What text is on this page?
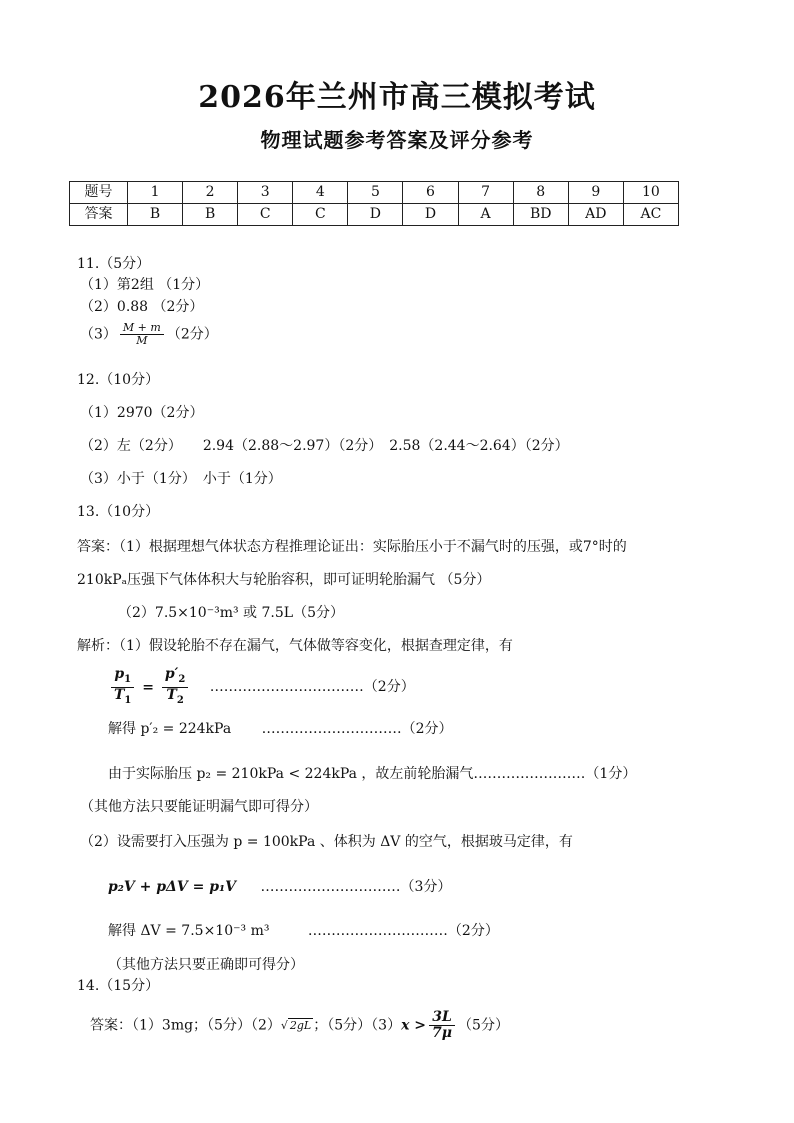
2026年兰州市高三模拟考试
物理试题参考答案及评分参考
题号	1	2	3	4	5	6	7	8	9	10
答案	B	B	C	C	D	D	A	BD	AD	AC
11.（5分）
（1）第2组 （1分）
（2）0.88 （2分）
$(3) \frac{M + m}{M} (2$分）
12.（10分）
（1）2970（2分）
（2）左（2分）　　2.94（2.88～2.97）（2分）　2.58（2.44～2.64）（2分）
（3）小于（1分）　小于（1分）
13.（10分）
答案：（1）根据理想气体状态方程推理论证出：实际胎压小于不漏气时的压强，或7°时的
210kPₐ压强下气体体积大与轮胎容积，即可证明轮胎漏气 （5分）
（2）7.5×10⁻³m³ 或 7.5L（5分）
解析：（1）假设轮胎不存在漏气，气体做等容变化，根据查理定律，有
$\frac{p_1}{T_1} = \frac{p'_2}{T_2}$ ……………………………（2分）
解得 p′₂ = 224kPa …………………………（2分）
由于实际胎压 p₂ = 210kPa < 224kPa ，故左前轮胎漏气……………………（1分）
（其他方法只要能证明漏气即可得分）
（2）设需要打入压强为 p = 100kPa 、体积为 ΔV 的空气，根据玻马定律，有
p₂V + pΔV = p₁V …………………………（3分）
解得 ΔV = 7.5×10⁻³ m³	…………………………（2分）
（其他方法只要正确即可得分）
14.（15分）
答案：（1）3mg；（5分）（2）√ 2gL ；（5分）$(3)x > \frac{3L}{7\mu} (5$分）
